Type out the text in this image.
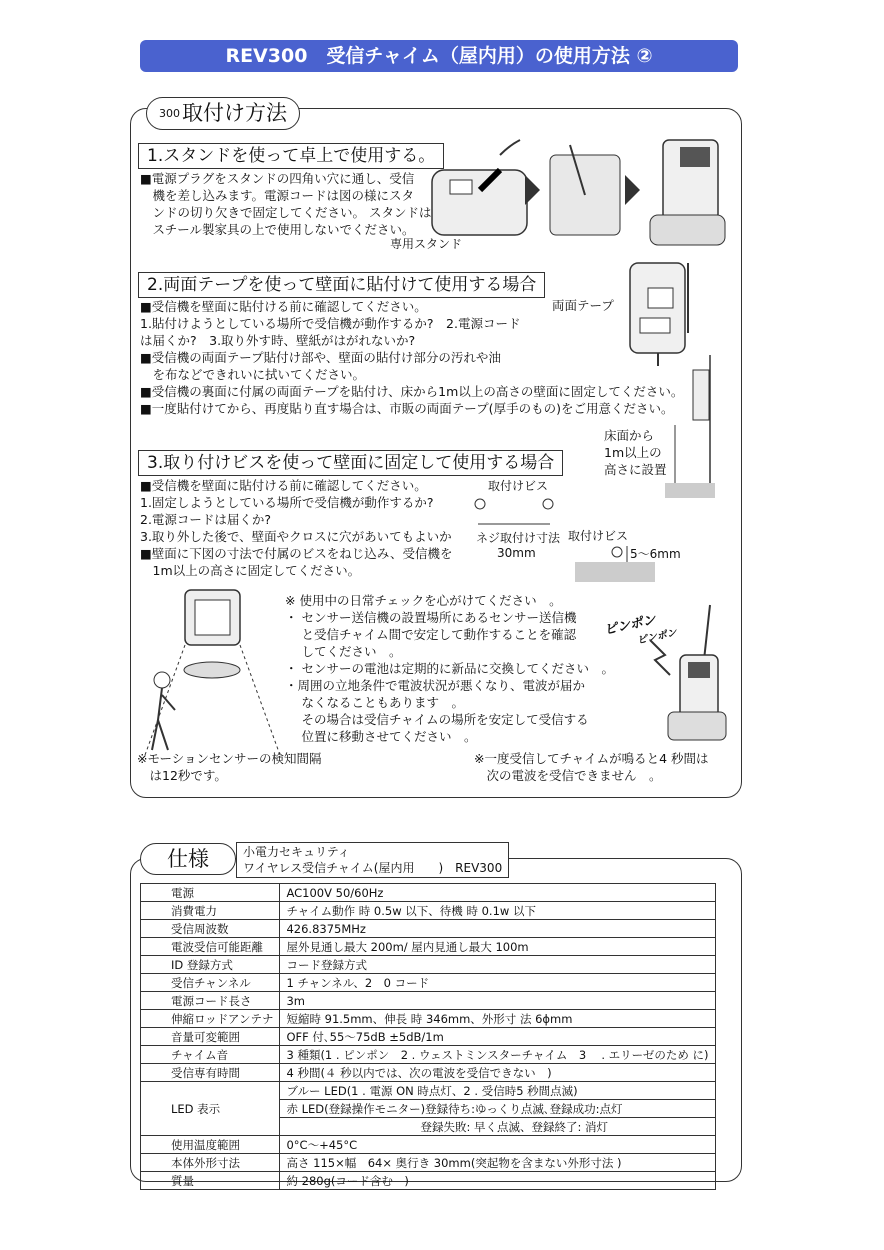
REV300　受信チャイム（屋内用）の使用方法 ②
300取付け方法
1.スタンドを使って卓上で使用する。
■電源プラグをスタンドの四角い穴に通し、受信
　機を差し込みます。電源コードは図の様にスタ
　ンドの切り欠きで固定してください。 スタンドは
　スチール製家具の上で使用しないでください。
専用スタンド
2.両面テープを使って壁面に貼付けて使用する場合
■受信機を壁面に貼付ける前に確認してください。
1.貼付けようとしている場所で受信機が動作するか?　2.電源コード
は届くか?　3.取り外す時、壁紙がはがれないか?
■受信機の両面テープ貼付け部や、壁面の貼付け部分の汚れや油
　を布などできれいに拭いてください。
■受信機の裏面に付属の両面テープを貼付け、床から1m以上の高さの壁面に固定してください。
■一度貼付けてから、再度貼り直す場合は、市販の両面テープ(厚手のもの)をご用意ください。
両面テープ
床面から
1m以上の
高さに設置
3.取り付けビスを使って壁面に固定して使用する場合
■受信機を壁面に貼付ける前に確認してください。
1.固定しようとしている場所で受信機が動作するか?
2.電源コードは届くか?
3.取り外した後で、壁面やクロスに穴があいてもよいか
■壁面に下図の寸法で付属のビスをねじ込み、受信機を
　1m以上の高さに固定してください。
取付けビス
ネジ取付け寸法
30mm
取付けビス
5～6mm
※ 使用中の日常チェックを心がけてください　。
・ センサー送信機の設置場所にあるセンサー送信機
　 と受信チャイム間で安定して動作することを確認
　 してください　。
・ センサーの電池は定期的に新品に交換してください　。
・周囲の立地条件で電波状況が悪くなり、電波が届か
　 なくなることもあります　。
　 その場合は受信チャイムの場所を安定して受信する
　 位置に移動させてください　。
ピンポン
ピンポン
※モーションセンサーの検知間隔
　は12秒です。
※一度受信してチャイムが鳴ると4 秒間は
　次の電波を受信できません　。
仕様	小電力セキュリティ
ワイヤレス受信チャイム(屋内用　　)　REV300
電源	AC100V 50/60Hz
消費電力	チャイム動作 時 0.5w 以下、待機 時 0.1w 以下
受信周波数	426.8375MHz
電波受信可能距離	屋外見通し最大 200m/ 屋内見通し最大 100m
ID 登録方式	コード登録方式
受信チャンネル	1 チャンネル、2　0 コード
電源コード長さ	3m
伸縮ロッドアンテナ	短縮時 91.5mm、伸長 時 346mm、外形寸 法 6ϕmm
音量可変範囲	OFF 付､55～75dB ±5dB/1m
チャイム音	3 種類(1 . ピンポン　2 . ウェストミンスターチャイム　3　 . エリーゼのため に)
受信専有時間	4 秒間(４ 秒以内では、次の電波を受信できない　)
LED 表示	ブルー LED(1 . 電源 ON 時点灯、2 . 受信時5 秒間点滅)
	赤 LED(登録操作モニター)登録待ち:ゆっくり点滅､登録成功:点灯
	登録失敗: 早く点滅、登録終了: 消灯
使用温度範囲	0°C～+45°C
本体外形寸法	高さ 115×幅　64× 奥行き 30mm(突起物を含まない外形寸法 )
質量	約 280g(コード含む　)
